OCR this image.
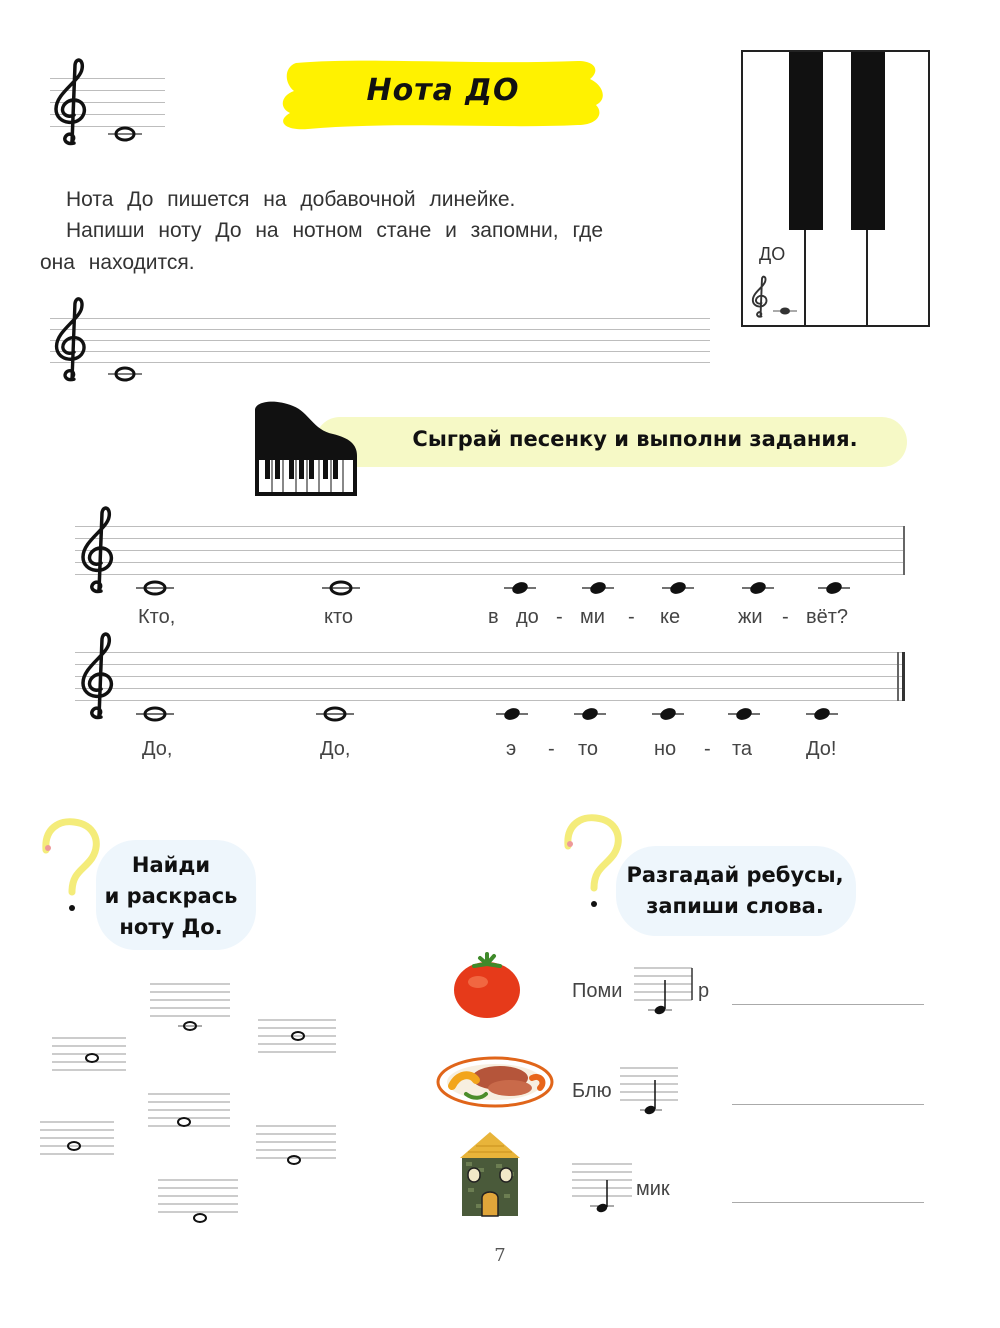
Нота ДО
Нота До пишется на добавочной линейке.
Напиши ноту До на нотном стане и запомни, где
она находится.	ДО
Сыграй песенку и выполни задания.
Кто,	кто	в до - ми - ке	жи - вёт?
До,	До,	э - то	но - та	До!
Найди
и раскрась
ноту До.
Разгадай ребусы,
запиши слова.
Поми	р
Блю
мик
7
